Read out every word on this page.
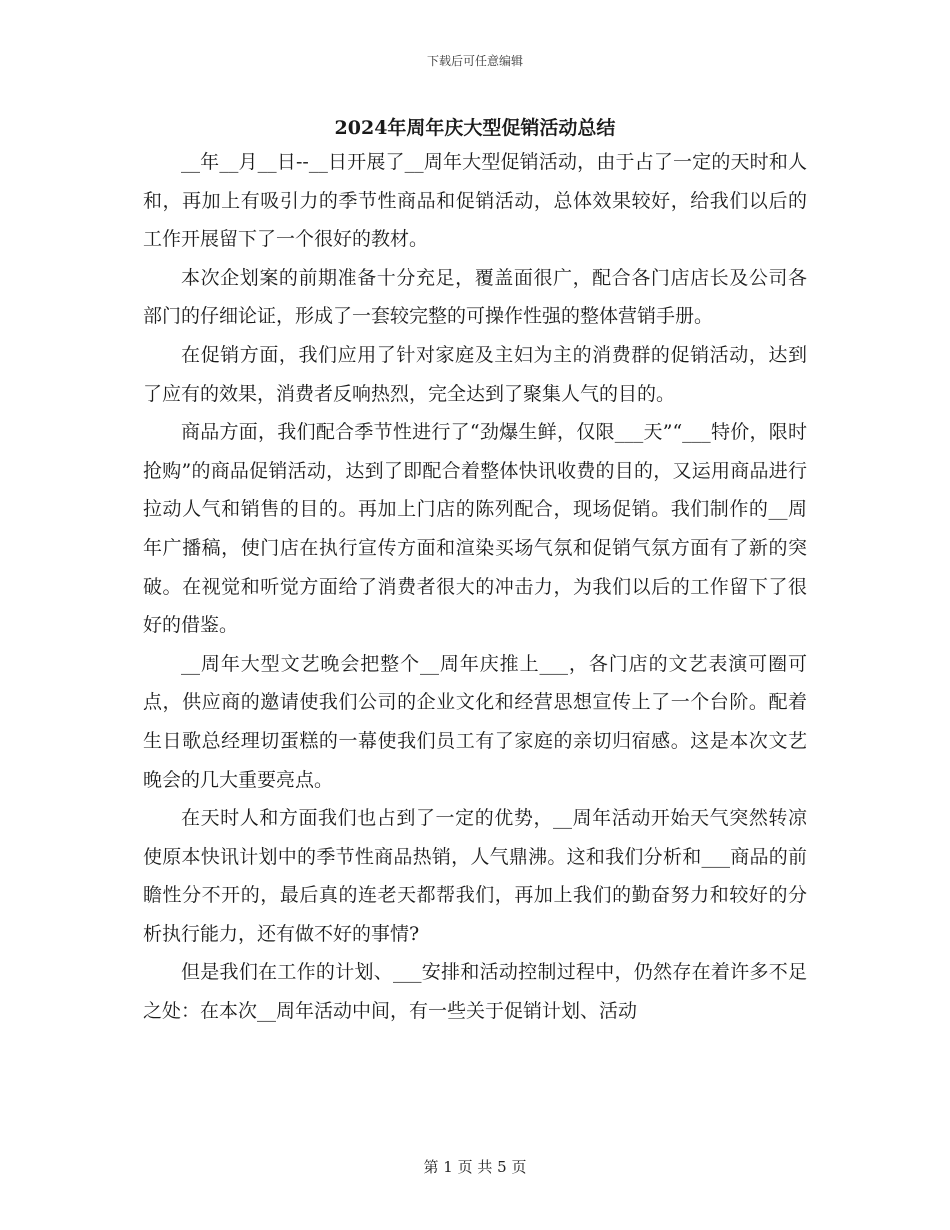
下载后可任意编辑
2024年周年庆大型促销活动总结

__年__月__日--__日开展了__周年大型促销活动，由于占了一定的天时和人和，再加上有吸引力的季节性商品和促销活动，总体效果较好，给我们以后的工作开展留下了一个很好的教材。

本次企划案的前期准备十分充足，覆盖面很广，配合各门店店长及公司各部门的仔细论证，形成了一套较完整的可操作性强的整体营销手册。

在促销方面，我们应用了针对家庭及主妇为主的消费群的促销活动，达到了应有的效果，消费者反响热烈，完全达到了聚集人气的目的。

商品方面，我们配合季节性进行了“劲爆生鲜，仅限___天”“___特价，限时抢购”的商品促销活动，达到了即配合着整体快讯收费的目的，又运用商品进行拉动人气和销售的目的。再加上门店的陈列配合，现场促销。我们制作的__周年广播稿，使门店在执行宣传方面和渲染买场气氛和促销气氛方面有了新的突破。在视觉和听觉方面给了消费者很大的冲击力，为我们以后的工作留下了很好的借鉴。

__周年大型文艺晚会把整个__周年庆推上___，各门店的文艺表演可圈可点，供应商的邀请使我们公司的企业文化和经营思想宣传上了一个台阶。配着生日歌总经理切蛋糕的一幕使我们员工有了家庭的亲切归宿感。这是本次文艺晚会的几大重要亮点。

在天时人和方面我们也占到了一定的优势，__周年活动开始天气突然转凉使原本快讯计划中的季节性商品热销，人气鼎沸。这和我们分析和___商品的前瞻性分不开的，最后真的连老天都帮我们，再加上我们的勤奋努力和较好的分析执行能力，还有做不好的事情?

但是我们在工作的计划、___安排和活动控制过程中，仍然存在着许多不足之处：在本次__周年活动中间，有一些关于促销计划、活动

第 1 页 共 5 页
